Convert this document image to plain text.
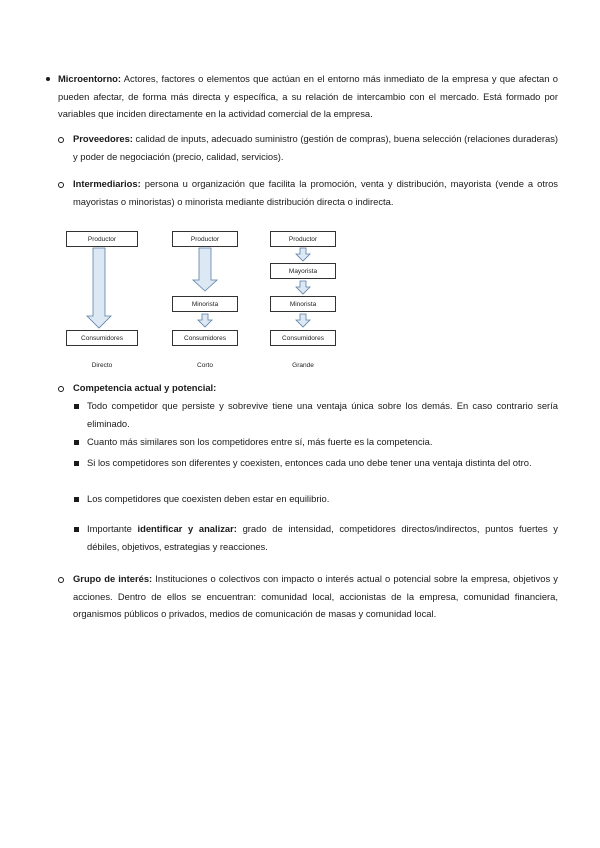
Microentorno: Actores, factores o elementos que actúan en el entorno más inmediato de la empresa y que afectan o pueden afectar, de forma más directa y específica, a su relación de intercambio con el mercado. Está formado por variables que inciden directamente en la actividad comercial de la empresa.
Proveedores: calidad de inputs, adecuado suministro (gestión de compras), buena selección (relaciones duraderas) y poder de negociación (precio, calidad, servicios).
Intermediarios: persona u organización que facilita la promoción, venta y distribución, mayorista (vende a otros mayoristas o minoristas) o minorista mediante distribución directa o indirecta.
Productor
Consumidores
Directo
Productor
Minorista
Consumidores
Corto
Productor
Mayorista
Minorista
Consumidores
Grande
Competencia actual y potencial:
Todo competidor que persiste y sobrevive tiene una ventaja única sobre los demás. En caso contrario sería eliminado.
Cuanto más similares son los competidores entre sí, más fuerte es la competencia.
Si los competidores son diferentes y coexisten, entonces cada uno debe tener una ventaja distinta del otro.
Los competidores que coexisten deben estar en equilibrio.
Importante identificar y analizar: grado de intensidad, competidores directos/indirectos, puntos fuertes y débiles, objetivos, estrategias y reacciones.
Grupo de interés: Instituciones o colectivos con impacto o interés actual o potencial sobre la empresa, objetivos y acciones. Dentro de ellos se encuentran: comunidad local, accionistas de la empresa, comunidad financiera, organismos públicos o privados, medios de comunicación de masas y comunidad local.
